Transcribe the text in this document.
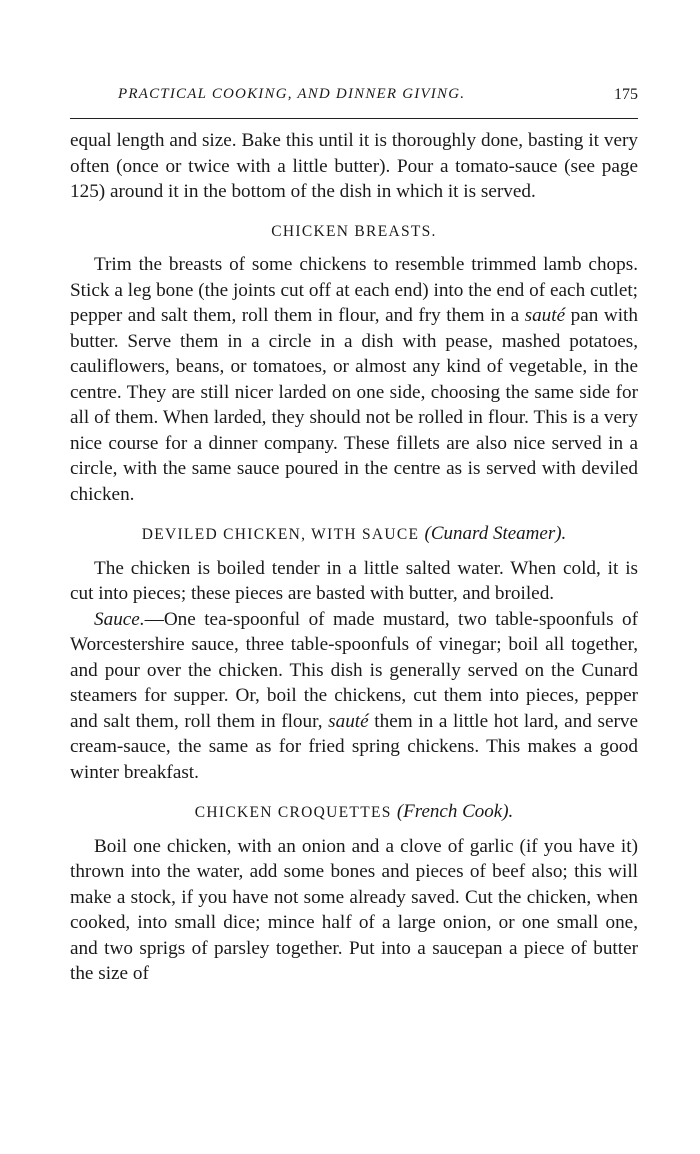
PRACTICAL COOKING, AND DINNER GIVING.	175

equal length and size. Bake this until it is thoroughly done, basting it very often (once or twice with a little butter). Pour a tomato-sauce (see page 125) around it in the bottom of the dish in which it is served.

CHICKEN BREASTS.

Trim the breasts of some chickens to resemble trimmed lamb chops. Stick a leg bone (the joints cut off at each end) into the end of each cutlet; pepper and salt them, roll them in flour, and fry them in a sauté pan with butter. Serve them in a circle in a dish with pease, mashed potatoes, cauliflowers, beans, or tomatoes, or almost any kind of vegetable, in the centre. They are still nicer larded on one side, choosing the same side for all of them. When larded, they should not be rolled in flour. This is a very nice course for a dinner company. These fillets are also nice served in a circle, with the same sauce poured in the centre as is served with deviled chicken.

DEVILED CHICKEN, WITH SAUCE (Cunard Steamer).

The chicken is boiled tender in a little salted water. When cold, it is cut into pieces; these pieces are basted with butter, and broiled.

Sauce.—One tea-spoonful of made mustard, two table-spoonfuls of Worcestershire sauce, three table-spoonfuls of vinegar; boil all together, and pour over the chicken. This dish is generally served on the Cunard steamers for supper. Or, boil the chickens, cut them into pieces, pepper and salt them, roll them in flour, sauté them in a little hot lard, and serve cream-sauce, the same as for fried spring chickens. This makes a good winter breakfast.

CHICKEN CROQUETTES (French Cook).

Boil one chicken, with an onion and a clove of garlic (if you have it) thrown into the water, add some bones and pieces of beef also; this will make a stock, if you have not some already saved. Cut the chicken, when cooked, into small dice; mince half of a large onion, or one small one, and two sprigs of parsley together. Put into a saucepan a piece of butter the size of
